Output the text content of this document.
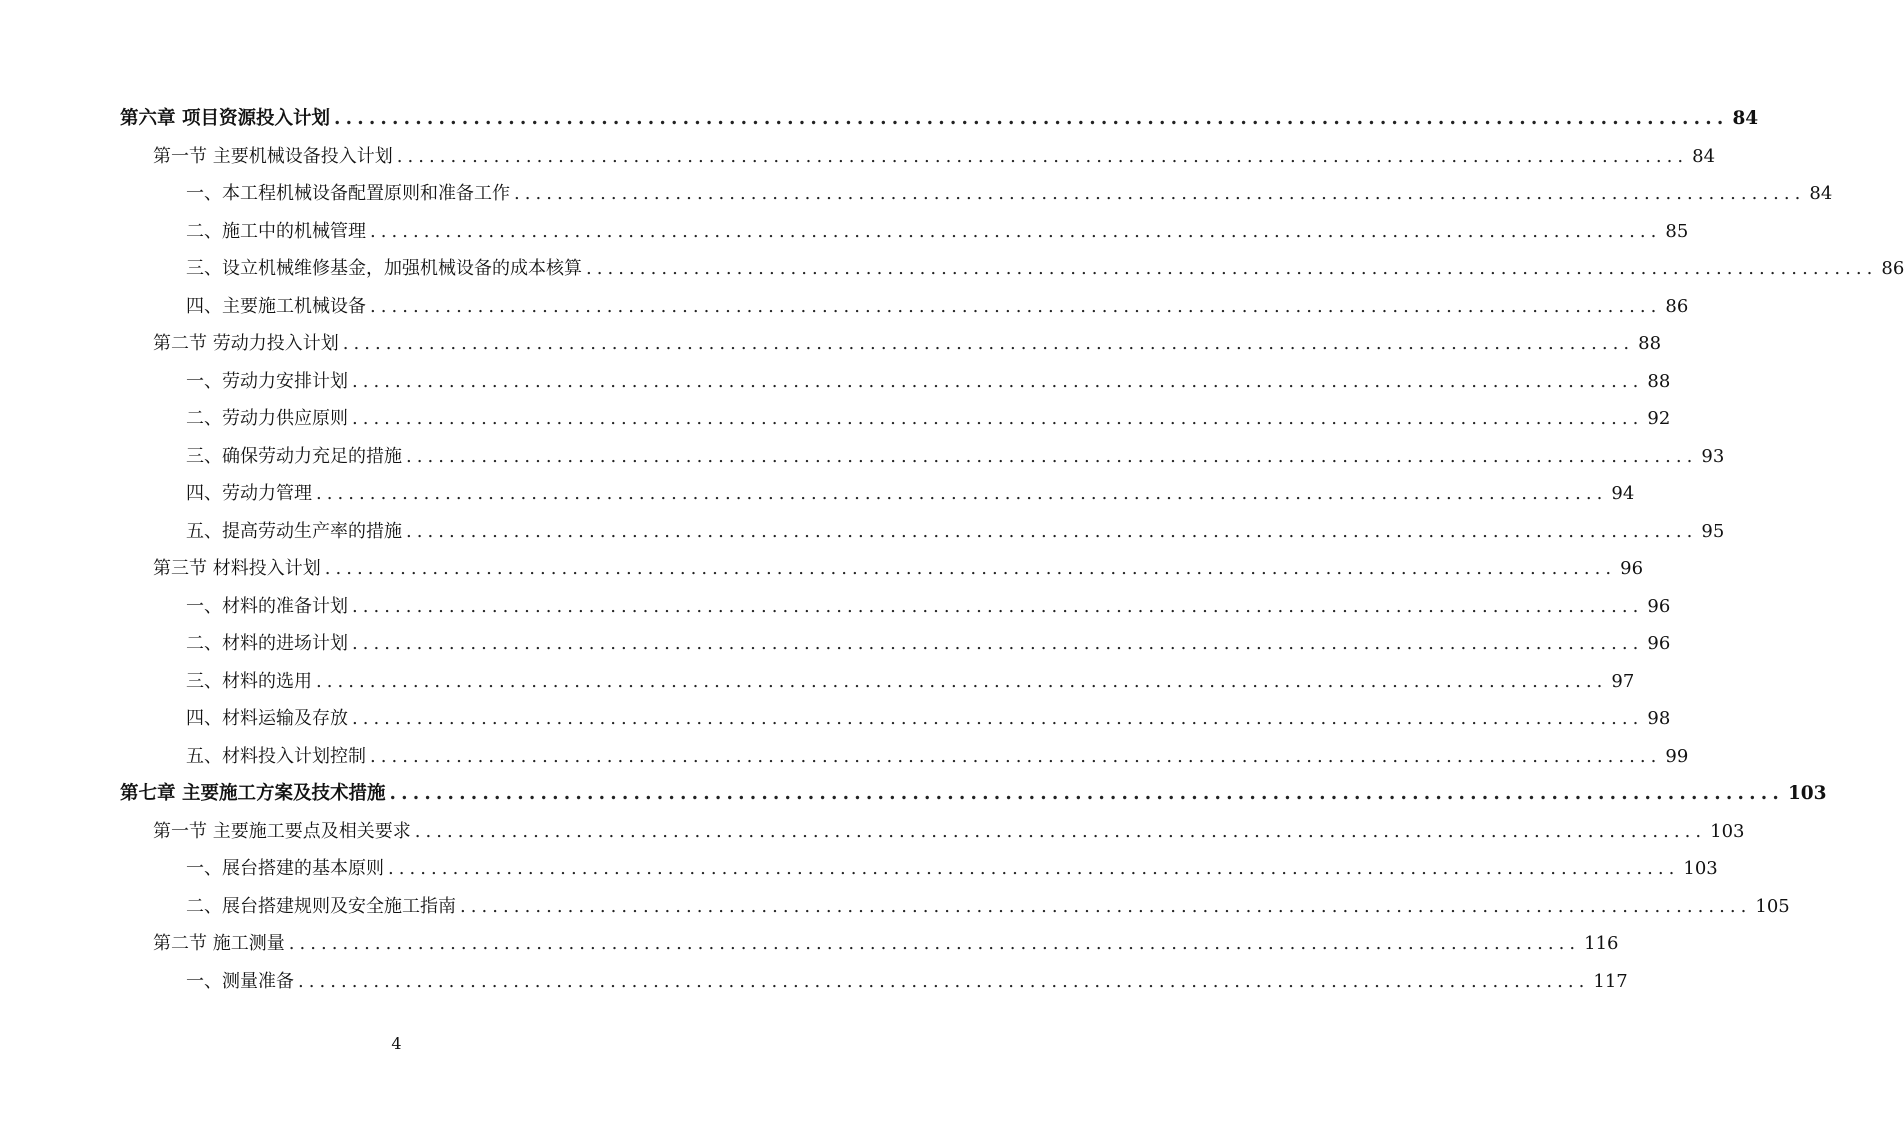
第六章 项目资源投入计划 ........................................................................................................................ 84
第一节 主要机械设备投入计划 ........................................................................................................................ 84
一、本工程机械设备配置原则和准备工作 ........................................................................................................................ 84
二、施工中的机械管理 ........................................................................................................................ 85
三、设立机械维修基金，加强机械设备的成本核算 ........................................................................................................................ 86
四、主要施工机械设备 ........................................................................................................................ 86
第二节 劳动力投入计划 ........................................................................................................................ 88
一、劳动力安排计划 ........................................................................................................................ 88
二、劳动力供应原则 ........................................................................................................................ 92
三、确保劳动力充足的措施 ........................................................................................................................ 93
四、劳动力管理 ........................................................................................................................ 94
五、提高劳动生产率的措施 ........................................................................................................................ 95
第三节 材料投入计划 ........................................................................................................................ 96
一、材料的准备计划 ........................................................................................................................ 96
二、材料的进场计划 ........................................................................................................................ 96
三、材料的选用 ........................................................................................................................ 97
四、材料运输及存放 ........................................................................................................................ 98
五、材料投入计划控制 ........................................................................................................................ 99
第七章 主要施工方案及技术措施 ........................................................................................................................ 103
第一节 主要施工要点及相关要求 ........................................................................................................................ 103
一、展台搭建的基本原则 ........................................................................................................................ 103
二、展台搭建规则及安全施工指南 ........................................................................................................................ 105
第二节 施工测量 ........................................................................................................................ 116
一、测量准备 ........................................................................................................................ 117
4
